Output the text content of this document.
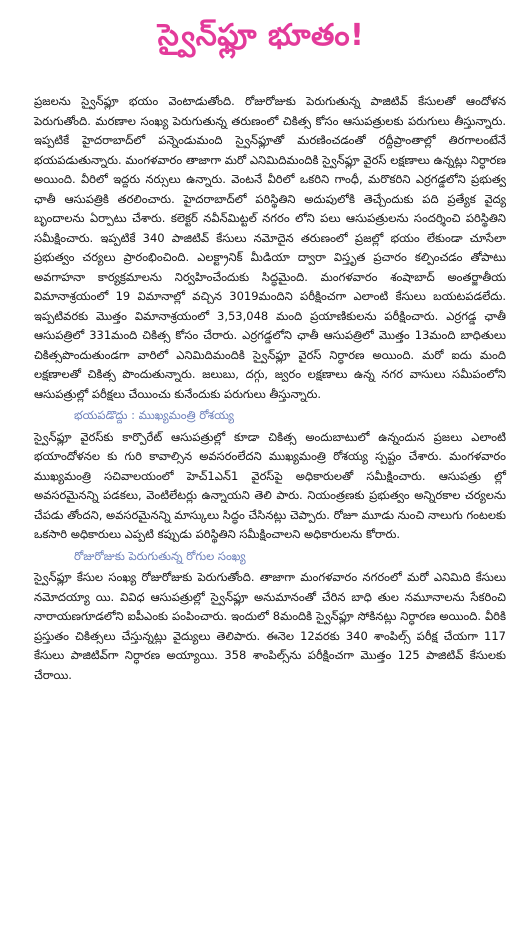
స్వైన్‌ఫ్లూ భూతం!

ప్రజలను స్వైన్‌ఫ్లూ భయం వెంటాడుతోంది. రోజురోజుకు పెరుగుతున్న పాజిటివ్ కేసులతో ఆందోళన పెరుగుతోంది. మరణాల సంఖ్య పెరుగుతున్న తరుణంలో చికిత్స కోసం ఆసుపత్రులకు పరుగులు తీస్తున్నారు. ఇప్పటికే హైదరాబాద్‌లో పన్నెండుమంది స్వైన్‌ఫ్లూతో మరణించడంతో రద్దీప్రాంతాల్లో తిరగాలంటేనే భయపడుతున్నారు. మంగళవారం తాజాగా మరో ఎనిమిదిమందికి స్వైన్‌ఫ్లూ వైరస్ లక్షణాలు ఉన్నట్లు నిర్ధారణ అయింది. వీరిలో ఇద్దరు నర్సులు ఉన్నారు. వెంటనే వీరిలో ఒకరిని గాంధీ, మరొకరిని ఎర్రగడ్డలోని ప్రభుత్వ ఛాతీ ఆసుపత్రికి తరలించారు. హైదరాబాద్‌లో పరిస్థితిని అదుపులోకి తెచ్చేందుకు పది ప్రత్యేక వైద్య బృందాలను ఏర్పాటు చేశారు. కలెక్టర్ నవీన్‌మిట్టల్ నగరం లోని పలు ఆసుపత్రులను సందర్శించి పరిస్థితిని సమీక్షించారు. ఇప్పటికే 340 పాజిటివ్ కేసులు నమోదైన తరుణంలో ప్రజల్లో భయం లేకుండా చూసేలా ప్రభుత్వం చర్యలు ప్రారంభించింది. ఎలక్ట్రానిక్ మీడియా ద్వారా విస్తృత ప్రచారం కల్పించడం తోపాటు అవగాహనా కార్యక్రమాలను నిర్వహించేందుకు సిద్ధమైంది. మంగళవారం శంషాబాద్ అంతర్జాతీయ విమానాశ్రయంలో 19 విమానాల్లో వచ్చిన 3019మందిని పరీక్షించగా ఎలాంటి కేసులు బయటపడలేదు. ఇప్పటివరకు మొత్తం విమానాశ్రయంలో 3,53,048 మంది ప్రయాణికులను పరీక్షించారు. ఎర్రగడ్డ ఛాతీ ఆసుపత్రిలో 331మంది చికిత్స కోసం చేరారు. ఎర్రగడ్డలోని ఛాతీ ఆసుపత్రిలో మొత్తం 13మంది బాధితులు చికిత్సపొందుతుండగా వారిలో ఎనిమిదిమందికి స్వైన్‌ఫ్లూ వైరస్ నిర్ధారణ అయింది. మరో ఐదు మంది లక్షణాలతో చికిత్స పొందుతున్నారు. జలుబు, దగ్గు, జ్వరం లక్షణాలు ఉన్న నగర వాసులు సమీపంలోని ఆసుపత్రుల్లో పరీక్షలు చేయించు కునేందుకు పరుగులు తీస్తున్నారు.

భయపడొద్దు : ముఖ్యమంత్రి రోశయ్య

స్వైన్‌ఫ్లూ వైరస్‌కు కార్పొరేట్ ఆసుపత్రుల్లో కూడా చికిత్స అందుబాటులో ఉన్నందున ప్రజలు ఎలాంటి భయాందోళనల కు గురి కావాల్సిన అవసరంలేదని ముఖ్యమంత్రి రోశయ్య స్పష్టం చేశారు. మంగళవారం ముఖ్యమంత్రి సచివాలయంలో హెచ్1ఎన్1 వైరస్‌పై అధికారులతో సమీక్షించారు. ఆసుపత్రు ల్లో అవసరమైనన్ని పడకలు, వెంటిలేటర్లు ఉన్నాయని తెలి పారు. నియంత్రణకు ప్రభుత్వం అన్నిరకాల చర్యలను చేపడు తోందని, అవసరమైనన్ని మాస్కులు సిద్ధం చేసినట్లు చెప్పారు. రోజూ మూడు నుంచి నాలుగు గంటలకు ఒకసారి అధికారులు ఎప్పటి కప్పుడు పరిస్థితిని సమీక్షించాలని అధికారులను కోరారు.

రోజురోజుకు పెరుగుతున్న రోగుల సంఖ్య

స్వైన్‌ఫ్లూ కేసుల సంఖ్య రోజురోజుకు పెరుగుతోంది. తాజాగా మంగళవారం నగరంలో మరో ఎనిమిది కేసులు నమోదయ్యా యి. వివిధ ఆసుపత్రుల్లో స్వైన్‌ఫ్లూ అనుమానంతో చేరిన బాధి తుల నమూనాలను సేకరించి నారాయణగూడలోని ఐపీఎంకు పంపించారు. ఇందులో 8మందికి స్వైన్‌ఫ్లూ సోకినట్లు నిర్ధారణ అయింది. వీరికి ప్రస్తుతం చికిత్సలు చేస్తున్నట్లు వైద్యులు తెలిపారు. ఈనెల 12వరకు 340 శాంపిల్స్ పరీక్ష చేయగా 117 కేసులు పాజిటివ్‌గా నిర్ధారణ అయ్యాయి. 358 శాంపిల్స్‌ను పరీక్షించగా మొత్తం 125 పాజిటివ్ కేసులకు చేరాయి.
